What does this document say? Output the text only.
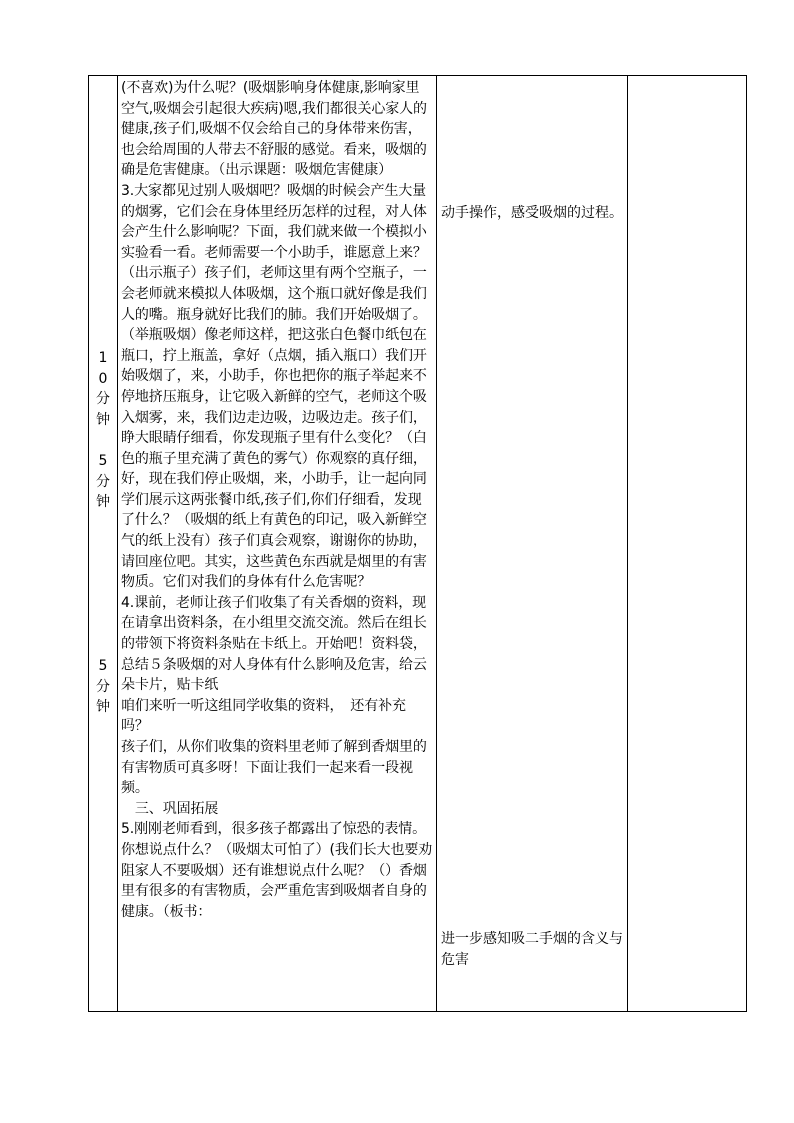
1
0
分
钟
5
分
钟
5
分
钟

(不喜欢)为什么呢？(吸烟影响身体健康,影响家里空气,吸烟会引起很大疾病)嗯,我们都很关心家人的健康,孩子们,吸烟不仅会给自己的身体带来伤害，也会给周围的人带去不舒服的感觉。看来，吸烟的确是危害健康。（出示课题：吸烟危害健康）

3.大家都见过别人吸烟吧？吸烟的时候会产生大量的烟雾，它们会在身体里经历怎样的过程，对人体会产生什么影响呢？下面，我们就来做一个模拟小实验看一看。老师需要一个小助手，谁愿意上来？（出示瓶子）孩子们，老师这里有两个空瓶子，一会老师就来模拟人体吸烟，这个瓶口就好像是我们人的嘴。瓶身就好比我们的肺。我们开始吸烟了。（举瓶吸烟）像老师这样，把这张白色餐巾纸包在瓶口，拧上瓶盖，拿好（点烟，插入瓶口）我们开始吸烟了，来，小助手，你也把你的瓶子举起来不停地挤压瓶身，让它吸入新鲜的空气，老师这个吸入烟雾，来，我们边走边吸，边吸边走。孩子们，睁大眼睛仔细看，你发现瓶子里有什么变化？（白色的瓶子里充满了黄色的雾气）你观察的真仔细，好，现在我们停止吸烟，来，小助手，让一起向同学们展示这两张餐巾纸,孩子们,你们仔细看，发现了什么？（吸烟的纸上有黄色的印记，吸入新鲜空气的纸上没有）孩子们真会观察，谢谢你的协助，请回座位吧。其实，这些黄色东西就是烟里的有害物质。它们对我们的身体有什么危害呢？

4.课前，老师让孩子们收集了有关香烟的资料，现在请拿出资料条，在小组里交流交流。然后在组长的带领下将资料条贴在卡纸上。开始吧！资料袋，总结５条吸烟的对人身体有什么影响及危害，给云朵卡片，贴卡纸

咱们来听一听这组同学收集的资料，　还有补充吗？

孩子们，从你们收集的资料里老师了解到香烟里的有害物质可真多呀！下面让我们一起来看一段视频。

　三、巩固拓展

5.刚刚老师看到，很多孩子都露出了惊恐的表情。你想说点什么？（吸烟太可怕了）(我们长大也要劝阻家人不要吸烟）还有谁想说点什么呢？（）香烟里有很多的有害物质，会严重危害到吸烟者自身的健康。（板书：

动手操作，感受吸烟的过程。

进一步感知吸二手烟的含义与危害
